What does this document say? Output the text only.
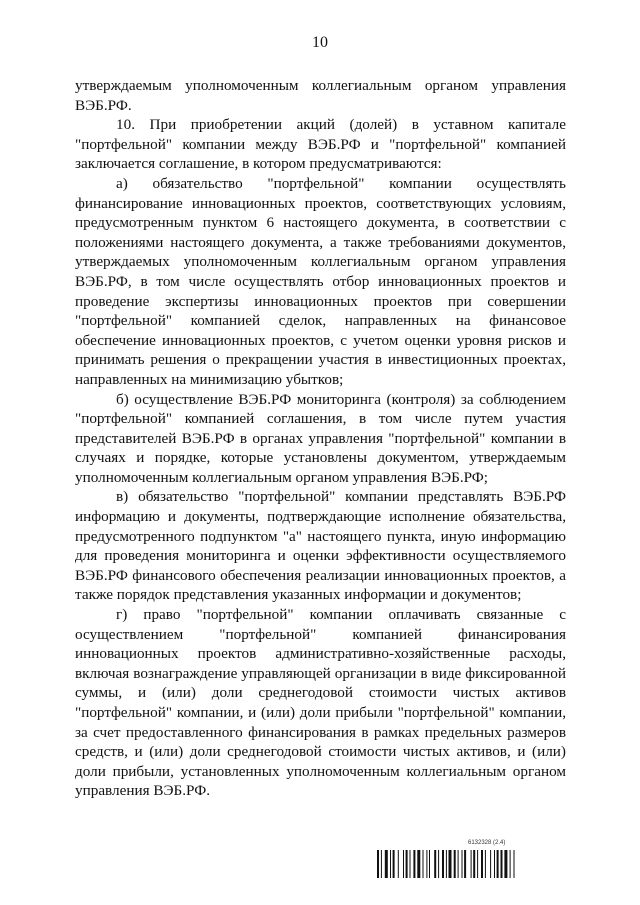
10

утверждаемым уполномоченным коллегиальным органом управления ВЭБ.РФ.

10. При приобретении акций (долей) в уставном капитале "портфельной" компании между ВЭБ.РФ и "портфельной" компанией заключается соглашение, в котором предусматриваются:

а) обязательство "портфельной" компании осуществлять финансирование инновационных проектов, соответствующих условиям, предусмотренным пунктом 6 настоящего документа, в соответствии с положениями настоящего документа, а также требованиями документов, утверждаемых уполномоченным коллегиальным органом управления ВЭБ.РФ, в том числе осуществлять отбор инновационных проектов и проведение экспертизы инновационных проектов при совершении "портфельной" компанией сделок, направленных на финансовое обеспечение инновационных проектов, с учетом оценки уровня рисков и принимать решения о прекращении участия в инвестиционных проектах, направленных на минимизацию убытков;

б) осуществление ВЭБ.РФ мониторинга (контроля) за соблюдением "портфельной" компанией соглашения, в том числе путем участия представителей ВЭБ.РФ в органах управления "портфельной" компании в случаях и порядке, которые установлены документом, утверждаемым уполномоченным коллегиальным органом управления ВЭБ.РФ;

в) обязательство "портфельной" компании представлять ВЭБ.РФ информацию и документы, подтверждающие исполнение обязательства, предусмотренного подпунктом "а" настоящего пункта, иную информацию для проведения мониторинга и оценки эффективности осуществляемого ВЭБ.РФ финансового обеспечения реализации инновационных проектов, а также порядок представления указанных информации и документов;

г) право "портфельной" компании оплачивать связанные с осуществлением "портфельной" компанией финансирования инновационных проектов административно-хозяйственные расходы, включая вознаграждение управляющей организации в виде фиксированной суммы, и (или) доли среднегодовой стоимости чистых активов "портфельной" компании, и (или) доли прибыли "портфельной" компании, за счет предоставленного финансирования в рамках предельных размеров средств, и (или) доли среднегодовой стоимости чистых активов, и (или) доли прибыли, установленных уполномоченным коллегиальным органом управления ВЭБ.РФ.

6132328 (2.4)
